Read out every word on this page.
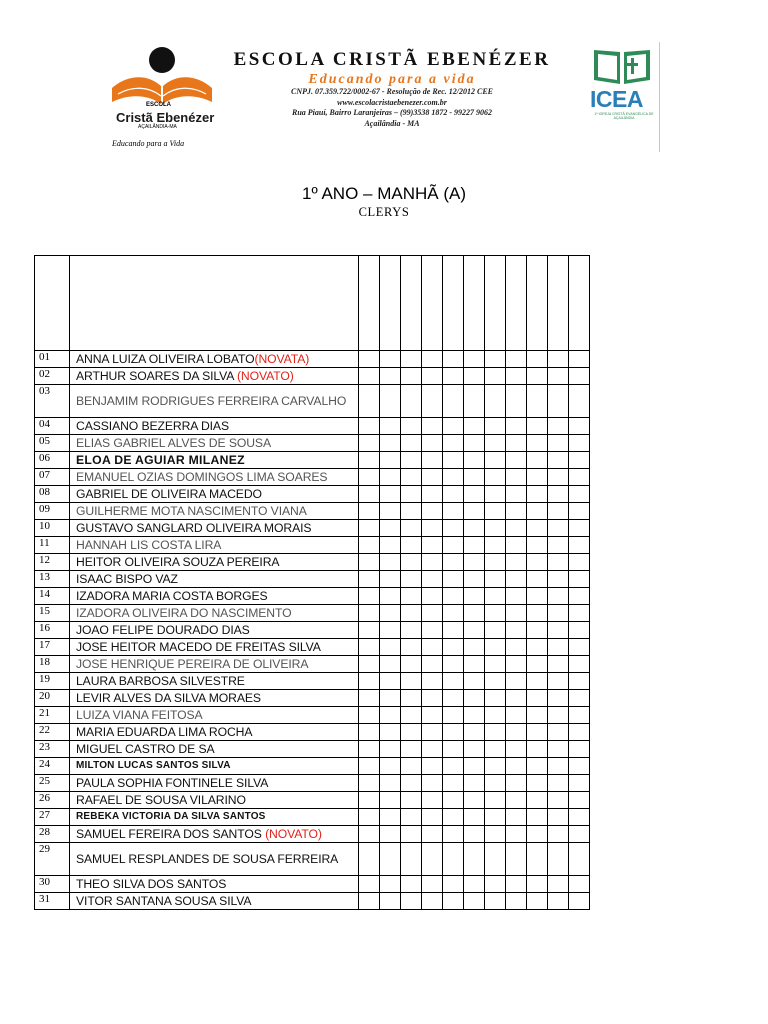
ESCOLA
Cristã Ebenézer
AÇAILÂNDIA-MA
Educando para a Vida
ESCOLA CRISTÃ EBENÉZER
Educando para a vida
CNPJ. 07.359.722/0002-67 - Resolução de Rec. 12/2012 CEE
www.escolacristaebenezer.com.br
Rua Piauí, Bairro Laranjeiras – (99)3538 1872 - 99227 9062
Açailândia - MA
ICEA
1ª IGREJA CRISTÃ EVANGÉLICA DE AÇAILÂNDIA
1º ANO – MANHÃ (A)
CLERYS

01	ANNA LUIZA OLIVEIRA LOBATO(NOVATA)											
02	ARTHUR SOARES DA SILVA (NOVATO)											
03	BENJAMIM RODRIGUES FERREIRA CARVALHO											
04	CASSIANO BEZERRA DIAS											
05	ELIAS GABRIEL ALVES DE SOUSA											
06	ELOA DE AGUIAR MILANEZ											
07	EMANUEL OZIAS DOMINGOS LIMA SOARES											
08	GABRIEL DE OLIVEIRA MACEDO											
09	GUILHERME MOTA NASCIMENTO VIANA											
10	GUSTAVO SANGLARD OLIVEIRA MORAIS											
11	HANNAH LIS COSTA LIRA											
12	HEITOR OLIVEIRA SOUZA PEREIRA											
13	ISAAC BISPO VAZ											
14	IZADORA MARIA COSTA BORGES											
15	IZADORA OLIVEIRA DO NASCIMENTO											
16	JOAO FELIPE DOURADO DIAS											
17	JOSE HEITOR MACEDO DE FREITAS SILVA											
18	JOSE HENRIQUE PEREIRA DE OLIVEIRA											
19	LAURA BARBOSA SILVESTRE											
20	LEVIR ALVES DA SILVA MORAES											
21	LUIZA VIANA FEITOSA											
22	MARIA EDUARDA LIMA ROCHA											
23	MIGUEL CASTRO DE SA											
24	MILTON LUCAS SANTOS SILVA											
25	PAULA SOPHIA FONTINELE SILVA											
26	RAFAEL DE SOUSA VILARINO											
27	REBEKA VICTORIA DA SILVA SANTOS											
28	SAMUEL FEREIRA DOS SANTOS (NOVATO)											
29	SAMUEL RESPLANDES DE SOUSA FERREIRA											
30	THEO SILVA DOS SANTOS											
31	VITOR SANTANA SOUSA SILVA											
